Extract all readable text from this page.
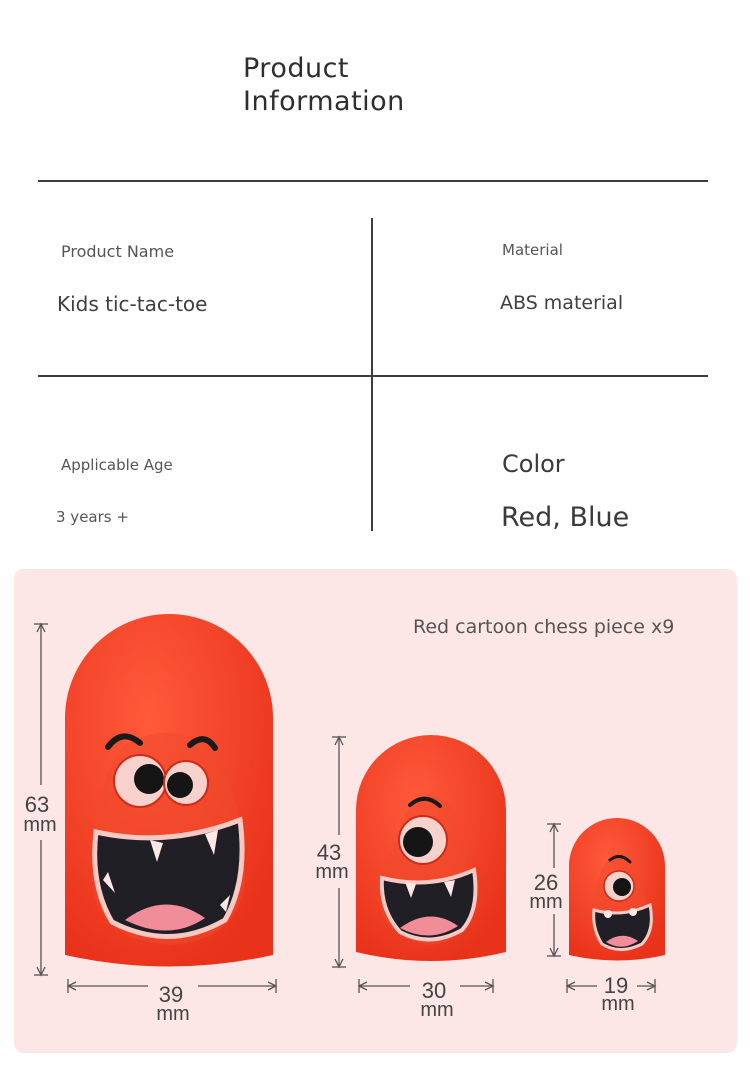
Product
Information
Product Name
Kids tic-tac-toe
Material
ABS material
Applicable Age
3 years +
Color
Red, Blue
Red cartoon chess piece x9
63
mm
39
mm
43
mm
30
mm
26
mm
19
mm
